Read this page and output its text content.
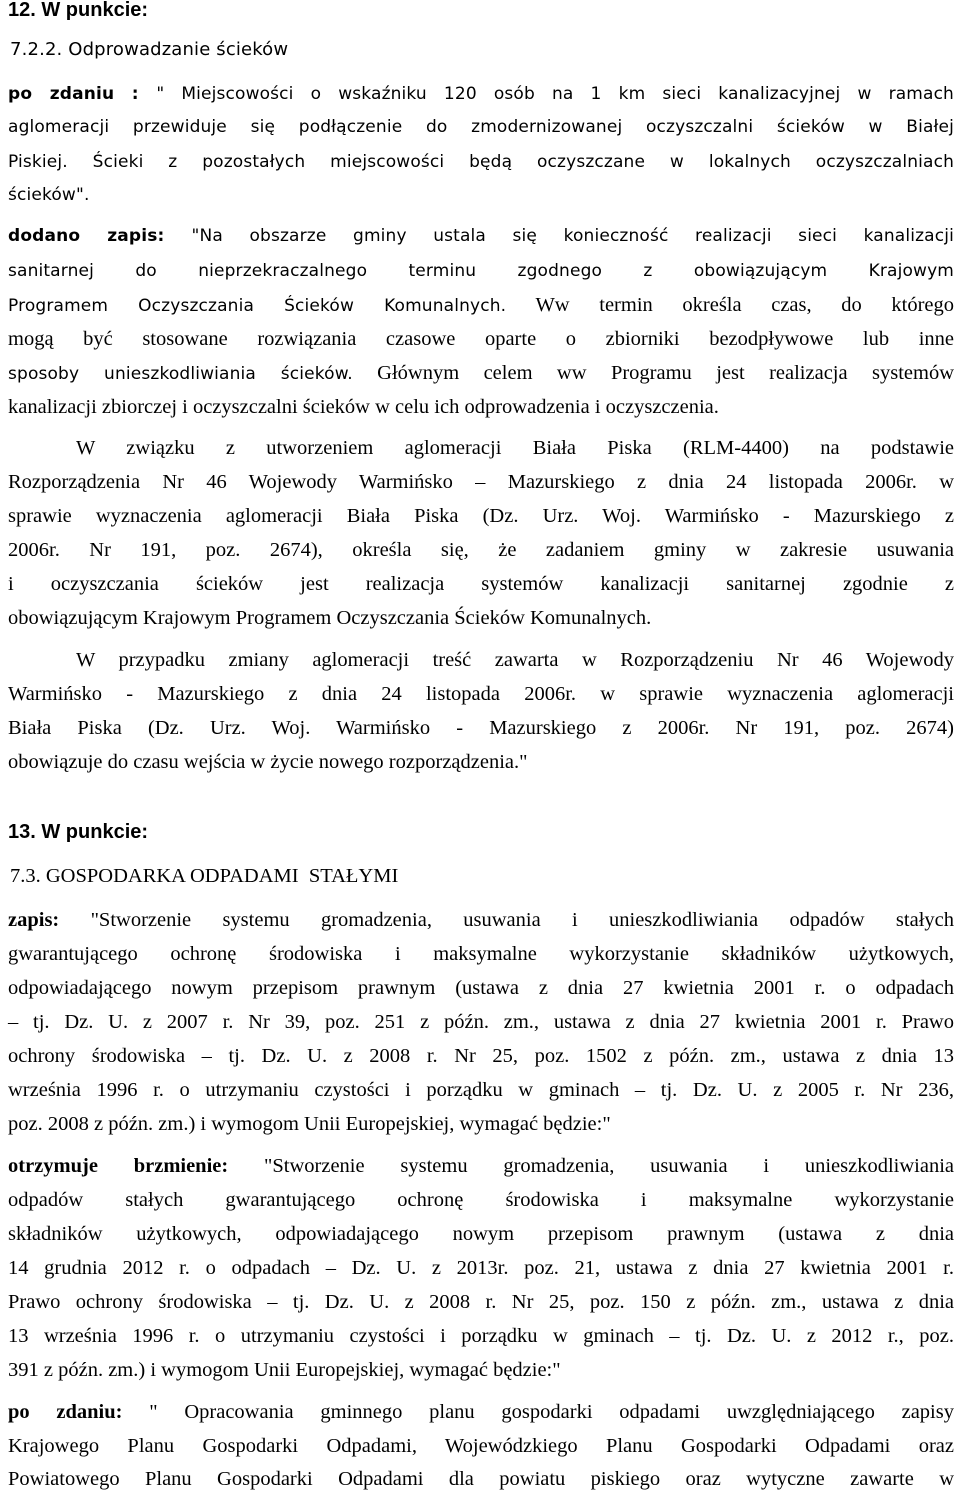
12. W punkcie:
7.2.2. Odprowadzanie ścieków
po zdaniu : " Miejscowości o wskaźniku 120 osób na 1 km sieci kanalizacyjnej w ramach
aglomeracji przewiduje się podłączenie do zmodernizowanej oczyszczalni ścieków w Białej
Piskiej. Ścieki z pozostałych miejscowości będą oczyszczane w lokalnych oczyszczalniach
ścieków".
dodano zapis: "Na obszarze gminy ustala się konieczność realizacji sieci kanalizacji
sanitarnej do nieprzekraczalnego terminu zgodnego z obowiązującym Krajowym
Programem Oczyszczania Ścieków Komunalnych. Ww termin określa czas, do którego
mogą być stosowane rozwiązania czasowe oparte o zbiorniki bezodpływowe lub inne
sposoby unieszkodliwiania ścieków. Głównym celem ww Programu jest realizacja systemów
kanalizacji zbiorczej i oczyszczalni ścieków w celu ich odprowadzenia i oczyszczenia.
W związku z utworzeniem aglomeracji Biała Piska (RLM-4400) na podstawie
Rozporządzenia Nr 46 Wojewody Warmińsko – Mazurskiego z dnia 24 listopada 2006r. w
sprawie wyznaczenia aglomeracji Biała Piska (Dz. Urz. Woj. Warmińsko - Mazurskiego z
2006r. Nr 191, poz. 2674), określa się, że zadaniem gminy w zakresie usuwania
i oczyszczania ścieków jest realizacja systemów kanalizacji sanitarnej zgodnie z
obowiązującym Krajowym Programem Oczyszczania Ścieków Komunalnych.
W przypadku zmiany aglomeracji treść zawarta w Rozporządzeniu Nr 46 Wojewody
Warmińsko - Mazurskiego z dnia 24 listopada 2006r. w sprawie wyznaczenia aglomeracji
Biała Piska (Dz. Urz. Woj. Warmińsko - Mazurskiego z 2006r. Nr 191, poz. 2674)
obowiązuje do czasu wejścia w życie nowego rozporządzenia."
13. W punkcie:
7.3. GOSPODARKA ODPADAMI  STAŁYMI
zapis: "Stworzenie systemu gromadzenia, usuwania i unieszkodliwiania odpadów stałych
gwarantującego ochronę środowiska i maksymalne wykorzystanie składników użytkowych,
odpowiadającego nowym przepisom prawnym (ustawa z dnia 27 kwietnia 2001 r. o odpadach
– tj. Dz. U. z 2007 r. Nr 39, poz. 251 z późn. zm., ustawa z dnia 27 kwietnia 2001 r. Prawo
ochrony środowiska – tj. Dz. U. z 2008 r. Nr 25, poz. 1502 z późn. zm., ustawa z dnia 13
września 1996 r. o utrzymaniu czystości i porządku w gminach – tj. Dz. U. z 2005 r. Nr 236,
poz. 2008 z późn. zm.) i wymogom Unii Europejskiej, wymagać będzie:"
otrzymuje brzmienie: "Stworzenie systemu gromadzenia, usuwania i unieszkodliwiania
odpadów stałych gwarantującego ochronę środowiska i maksymalne wykorzystanie
składników użytkowych, odpowiadającego nowym przepisom prawnym (ustawa z dnia
14 grudnia 2012 r. o odpadach – Dz. U. z 2013r. poz. 21, ustawa z dnia 27 kwietnia 2001 r.
Prawo ochrony środowiska – tj. Dz. U. z 2008 r. Nr 25, poz. 150 z późn. zm., ustawa z dnia
13 września 1996 r. o utrzymaniu czystości i porządku w gminach – tj. Dz. U. z 2012 r., poz.
391 z późn. zm.) i wymogom Unii Europejskiej, wymagać będzie:"
po zdaniu: " Opracowania gminnego planu gospodarki odpadami uwzględniającego zapisy
Krajowego Planu Gospodarki Odpadami, Wojewódzkiego Planu Gospodarki Odpadami oraz
Powiatowego Planu Gospodarki Odpadami dla powiatu piskiego oraz wytyczne zawarte w
